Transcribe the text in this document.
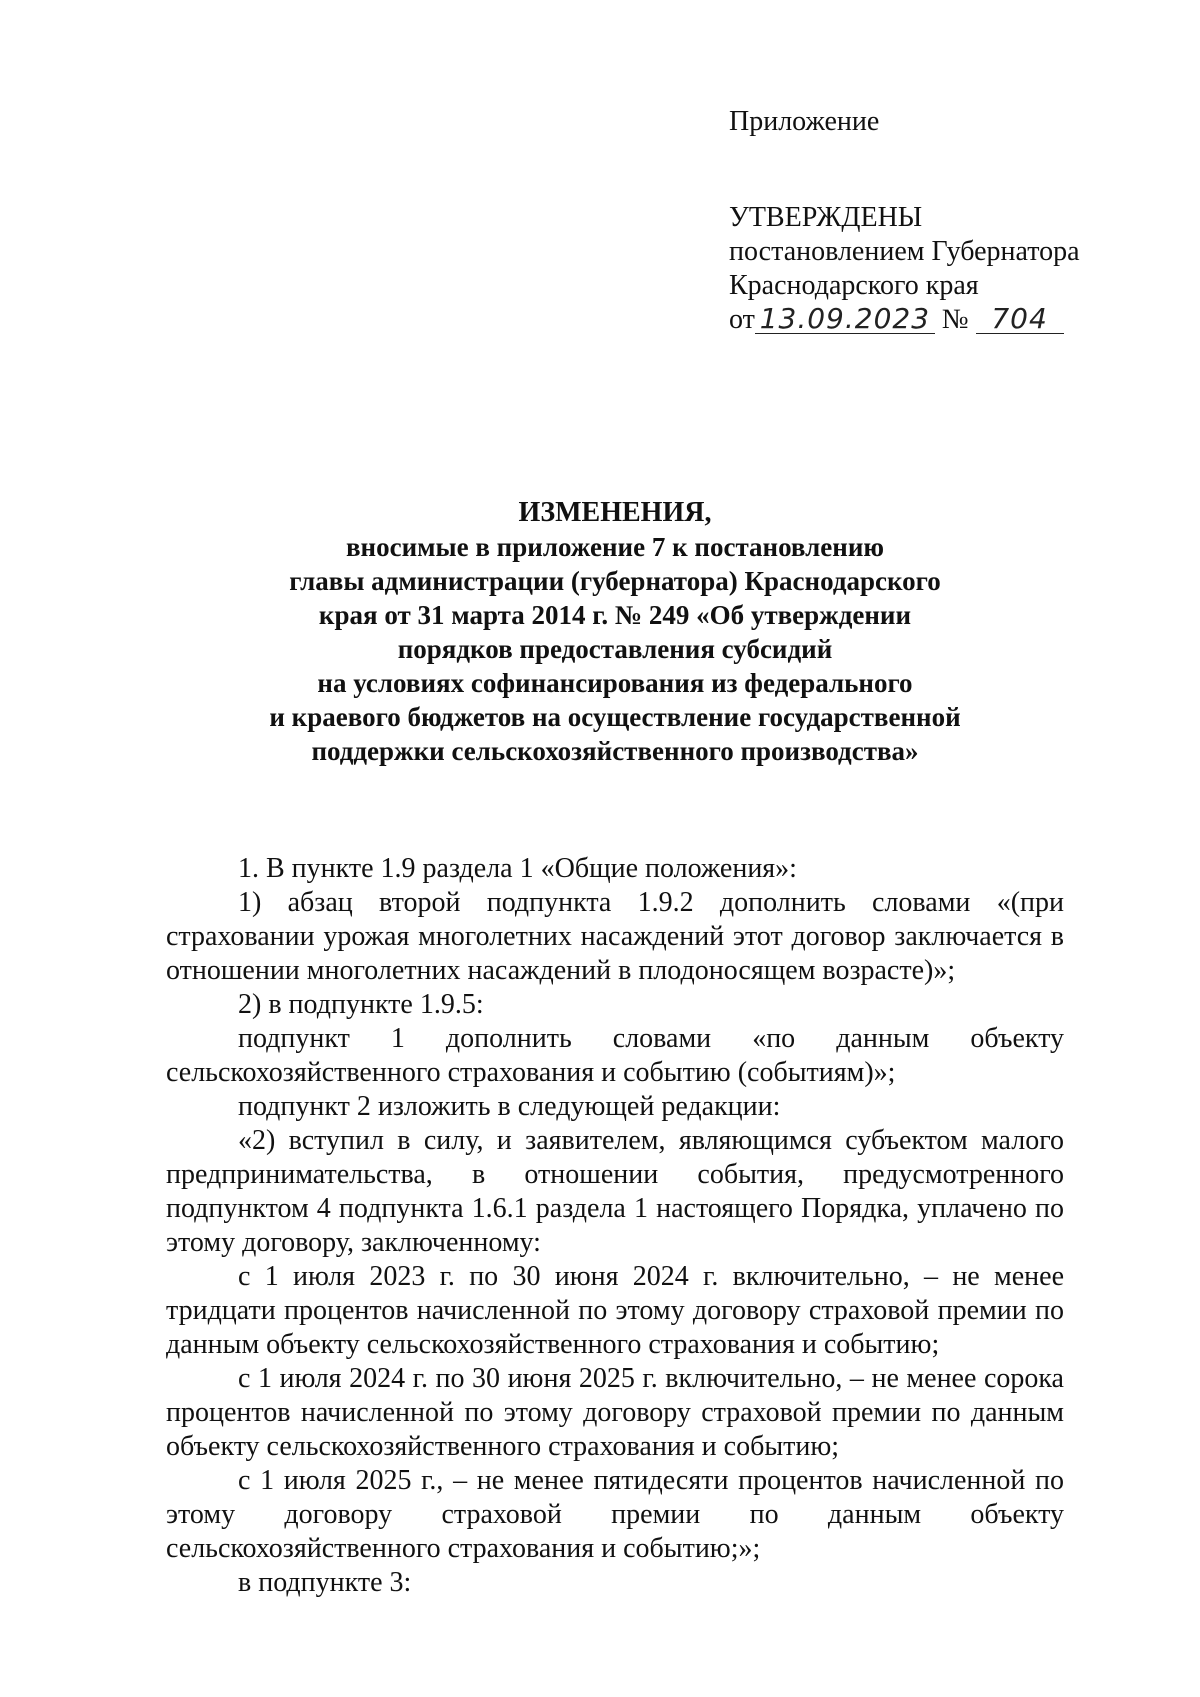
Приложение
УТВЕРЖДЕНЫ
постановлением Губернатора
Краснодарского края
от 13.09.2023 № 704
ИЗМЕНЕНИЯ,
вносимые в приложение 7 к постановлению
главы администрации (губернатора) Краснодарского
края от 31 марта 2014 г. № 249 «Об утверждении
порядков предоставления субсидий
на условиях софинансирования из федерального
и краевого бюджетов на осуществление государственной
поддержки сельскохозяйственного производства»

1. В пункте 1.9 раздела 1 «Общие положения»:

1) абзац второй подпункта 1.9.2 дополнить словами «(при страховании урожая многолетних насаждений этот договор заключается в отношении многолетних насаждений в плодоносящем возрасте)»;

2) в подпункте 1.9.5:

подпункт 1 дополнить словами «по данным объекту сельскохозяйственного страхования и событию (событиям)»;

подпункт 2 изложить в следующей редакции:

«2) вступил в силу, и заявителем, являющимся субъектом малого предпринимательства, в отношении события, предусмотренного подпунктом 4 подпункта 1.6.1 раздела 1 настоящего Порядка, уплачено по этому договору, заключенному:

с 1 июля 2023 г. по 30 июня 2024 г. включительно, – не менее тридцати процентов начисленной по этому договору страховой премии по данным объекту сельскохозяйственного страхования и событию;

с 1 июля 2024 г. по 30 июня 2025 г. включительно, – не менее сорока процентов начисленной по этому договору страховой премии по данным объекту сельскохозяйственного страхования и событию;

с 1 июля 2025 г., – не менее пятидесяти процентов начисленной по этому договору страховой премии по данным объекту сельскохозяйственного страхования и событию;»;

в подпункте 3:
